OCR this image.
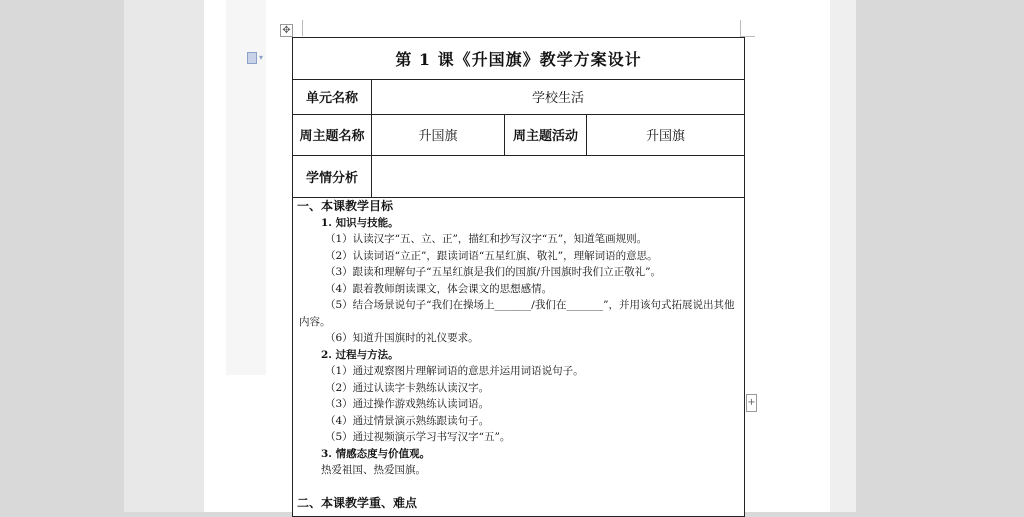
✥
▾
+
第 1 课《升国旗》教学方案设计
单元名称	学校生活
周主题名称	升国旗	周主题活动	升国旗
学情分析
一、本课教学目标
1. 知识与技能。
（1）认读汉字“五、立、正”，描红和抄写汉字“五”，知道笔画规则。
（2）认读词语“立正”，跟读词语“五星红旗、敬礼”，理解词语的意思。
（3）跟读和理解句子“五星红旗是我们的国旗/升国旗时我们立正敬礼”。
（4）跟着教师朗读课文，体会课文的思想感情。
（5）结合场景说句子“我们在操场上_______/我们在_______”，并用该句式拓展说出其他内容。
（6）知道升国旗时的礼仪要求。
2. 过程与方法。
（1）通过观察图片理解词语的意思并运用词语说句子。
（2）通过认读字卡熟练认读汉字。
（3）通过操作游戏熟练认读词语。
（4）通过情景演示熟练跟读句子。
（5）通过视频演示学习书写汉字“五”。
3. 情感态度与价值观。
热爱祖国、热爱国旗。
二、本课教学重、难点
